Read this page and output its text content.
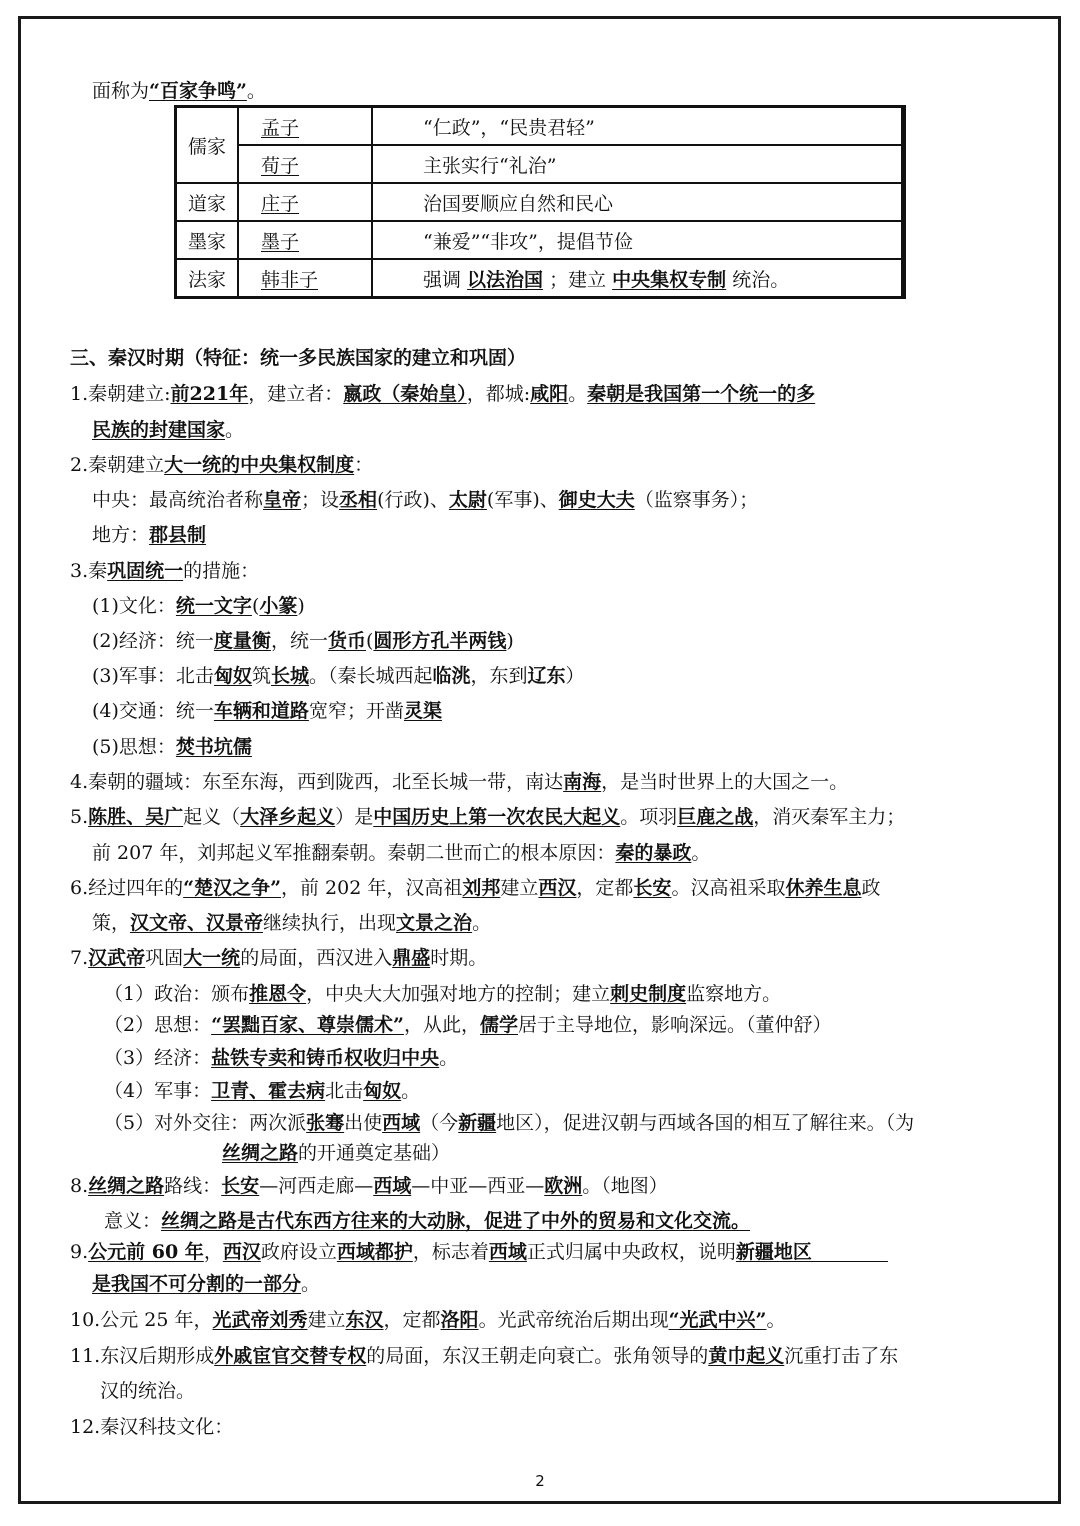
面称为“百家争鸣”。
儒家	孟子	“仁政”，“民贵君轻”
	荀子	主张实行“礼治”
道家	庄子	治国要顺应自然和民心
墨家	墨子	“兼爱”“非攻”，提倡节俭
法家	韩非子	强调 以法治国 ；建立 中央集权专制 统治。
三、秦汉时期（特征：统一多民族国家的建立和巩固）
1.秦朝建立:前221年，建立者：嬴政（秦始皇），都城:咸阳。秦朝是我国第一个统一的多
民族的封建国家。
2.秦朝建立大一统的中央集权制度：
中央：最高统治者称皇帝；设丞相(行政)、太尉(军事)、御史大夫（监察事务）；
地方：郡县制
3.秦巩固统一的措施：
(1)文化：统一文字(小篆)
(2)经济：统一度量衡，统一货币(圆形方孔半两钱)
(3)军事：北击匈奴筑长城。（秦长城西起临洮，东到辽东）
(4)交通：统一车辆和道路宽窄；开凿灵渠
(5)思想：焚书坑儒
4.秦朝的疆域：东至东海，西到陇西，北至长城一带，南达南海，是当时世界上的大国之一。
5.陈胜、吴广起义（大泽乡起义）是中国历史上第一次农民大起义。项羽巨鹿之战，消灭秦军主力；
前 207 年，刘邦起义军推翻秦朝。秦朝二世而亡的根本原因：秦的暴政。
6.经过四年的“楚汉之争”，前 202 年，汉高祖刘邦建立西汉，定都长安。汉高祖采取休养生息政
策，汉文帝、汉景帝继续执行，出现文景之治。
7.汉武帝巩固大一统的局面，西汉进入鼎盛时期。
（1）政治：颁布推恩令，中央大大加强对地方的控制；建立刺史制度监察地方。
（2）思想：“罢黜百家、尊崇儒术”，从此，儒学居于主导地位，影响深远。（董仲舒）
（3）经济：盐铁专卖和铸币权收归中央。
（4）军事：卫青、霍去病北击匈奴。
（5）对外交往：两次派张骞出使西域（今新疆地区），促进汉朝与西域各国的相互了解往来。（为
丝绸之路的开通奠定基础）
8.丝绸之路路线：长安—河西走廊—西域—中亚—西亚—欧洲。（地图）
意义：丝绸之路是古代东西方往来的大动脉，促进了中外的贸易和文化交流。
9.公元前 60 年，西汉政府设立西域都护，标志着西域正式归属中央政权，说明新疆地区　　　　
是我国不可分割的一部分。
10.公元 25 年，光武帝刘秀建立东汉，定都洛阳。光武帝统治后期出现“光武中兴”。
11.东汉后期形成外戚宦官交替专权的局面，东汉王朝走向衰亡。张角领导的黄巾起义沉重打击了东
汉的统治。
12.秦汉科技文化：
2
